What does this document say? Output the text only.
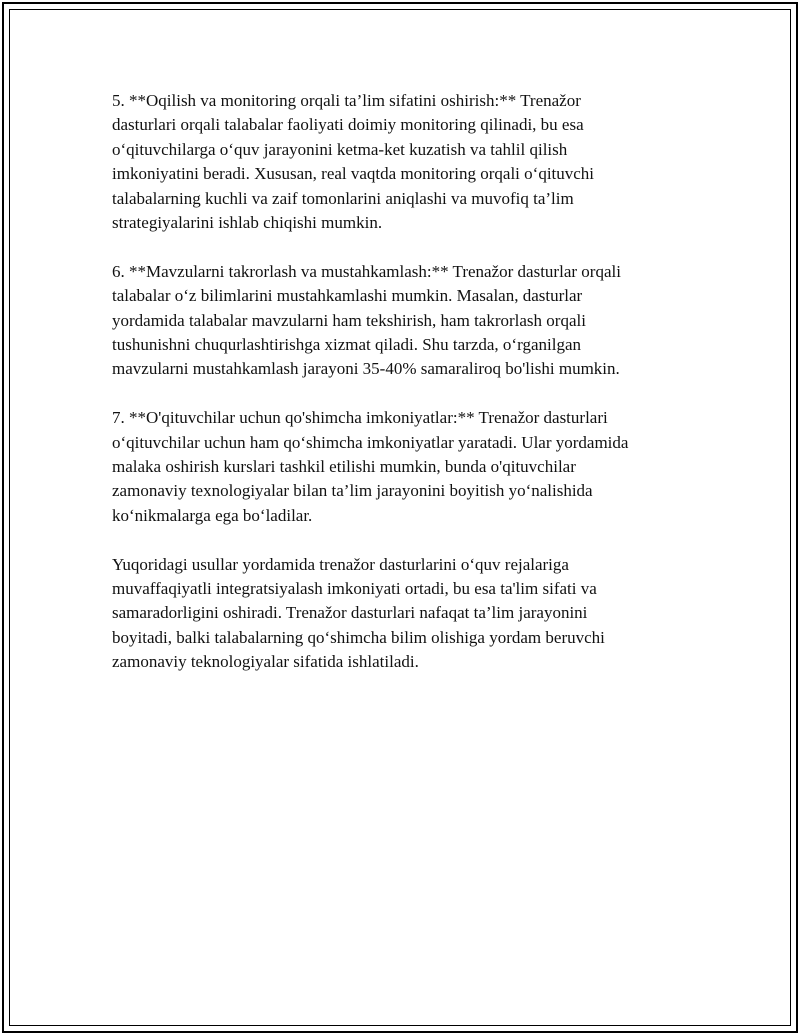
5. **Oqilish va monitoring orqali ta’lim sifatini oshirish:** Trenažor
dasturlari orqali talabalar faoliyati doimiy monitoring qilinadi, bu esa
o‘qituvchilarga o‘quv jarayonini ketma-ket kuzatish va tahlil qilish
imkoniyatini beradi. Xususan, real vaqtda monitoring orqali o‘qituvchi
talabalarning kuchli va zaif tomonlarini aniqlashi va muvofiq ta’lim
strategiyalarini ishlab chiqishi mumkin.

6. **Mavzularni takrorlash va mustahkamlash:** Trenažor dasturlar orqali
talabalar o‘z bilimlarini mustahkamlashi mumkin. Masalan, dasturlar
yordamida talabalar mavzularni ham tekshirish, ham takrorlash orqali
tushunishni chuqurlashtirishga xizmat qiladi. Shu tarzda, o‘rganilgan
mavzularni mustahkamlash jarayoni 35-40% samaraliroq bo'lishi mumkin.

7. **O'qituvchilar uchun qo'shimcha imkoniyatlar:** Trenažor dasturlari
o‘qituvchilar uchun ham qo‘shimcha imkoniyatlar yaratadi. Ular yordamida
malaka oshirish kurslari tashkil etilishi mumkin, bunda o'qituvchilar
zamonaviy texnologiyalar bilan ta’lim jarayonini boyitish yo‘nalishida
ko‘nikmalarga ega bo‘ladilar.

Yuqoridagi usullar yordamida trenažor dasturlarini o‘quv rejalariga
muvaffaqiyatli integratsiyalash imkoniyati ortadi, bu esa ta'lim sifati va
samaradorligini oshiradi. Trenažor dasturlari nafaqat ta’lim jarayonini
boyitadi, balki talabalarning qo‘shimcha bilim olishiga yordam beruvchi
zamonaviy teknologiyalar sifatida ishlatiladi.
